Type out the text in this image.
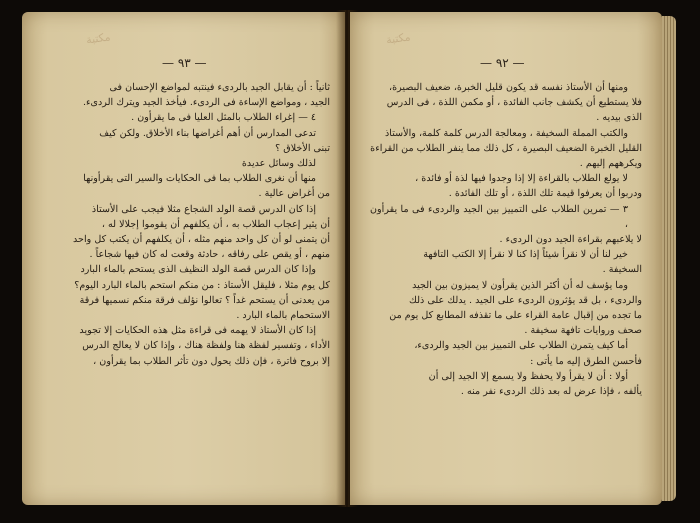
مكتبة
— ٩٣ —

ثانياً : أن يقابل الجيد بالردىء فينتبه لمواضع الإحسان فى

الجيد ، ومواضع الإساءة فى الردىء. فيأخذ الجيد ويترك الردىء.

٤ — إغراء الطلاب بالمثل العليا فى ما يقرأون .

تدعى المدارس أن أهم أغراضها بناء الأخلاق. ولكن كيف

تبنى الأخلاق ؟

لذلك وسائل عديدة

منها أن نغرى الطلاب بما فى الحكايات والسير التى يقرأونها

من أغراض عالية .

إذا كان الدرس قصة الولد الشجاع مثلا فيجب على الأستاذ

أن يثير إعجاب الطلاب به ، أن يكلفهم أن يقوموا إجلالا له ،

أن يتمنى لو أن كل واحد منهم مثله ، أن يكلفهم أن يكتب كل واحد

منهم ، أو يقص على رفاقه ، حادثة وقعت له كان فيها شجاعاً .

وإذا كان الدرس قصة الولد النظيف الذى يستحم بالماء البارد

كل يوم مثلا ، فليقل الأستاذ : من منكم استحم بالماء البارد اليوم؟

من يعدنى أن يستحم غداً ؟ تعالوا نؤلف فرقة منكم نسميها فرقة

الاستحمام بالماء البارد .

إذا كان الأستاذ لا يهمه فى قراءة مثل هذه الحكايات إلا تجويد

الأداء ، وتفسير لفظة هنا ولفظة هناك ، وإذا كان لا يعالج الدرس

إلا بروح فاترة ، فإن ذلك يحول دون تأثر الطلاب بما يقرأون ،

مكتبة
— ٩٢ —

ومنها أن الأستاذ نفسه قد يكون قليل الخبرة، ضعيف البصيرة،

فلا يستطيع أن يكشف جانب الفائدة ، أو مكمن اللذة ، فى الدرس

الذى بيديه .

والكتب المملة السخيفة ، ومعالجة الدرس كلمة كلمة، والأستاذ

القليل الخبرة الضعيف البصيرة ، كل ذلك مما ينفر الطلاب من القراءة

ويكرههم إليهم .

لا يولع الطلاب بالقراءة إلا إذا وجدوا فيها لذة أو فائدة ،

ودربوا أن يعرفوا قيمة تلك اللذة ، أو تلك الفائدة .

٣ — تمرين الطلاب على التمييز بين الجيد والردىء فى ما يقرأون ،

لا يلاعبهم بقراءة الجيد دون الردىء .

خير لنا أن لا نقرأ شيئاً إذا كنا لا نقرأ إلا الكتب التافهة

السخيفة .

وما يؤسف له أن أكثر الذين يقرأون لا يميزون بين الجيد

والردىء ، بل قد يؤثرون الردىء على الجيد . يدلك على ذلك

ما تجده من إقبال عامة القراء على ما تقذفه المطابع كل يوم من

صحف وروايات تافهة سخيفة .

أما كيف يتمرن الطلاب على التمييز بين الجيد والردىء،

فأحسن الطرق إليه ما يأتى :

أولا : أن لا يقرأ ولا يحفظ ولا يسمع إلا الجيد إلى أن

يألفه ، فإذا عرض له بعد ذلك الردىء نفر منه .
